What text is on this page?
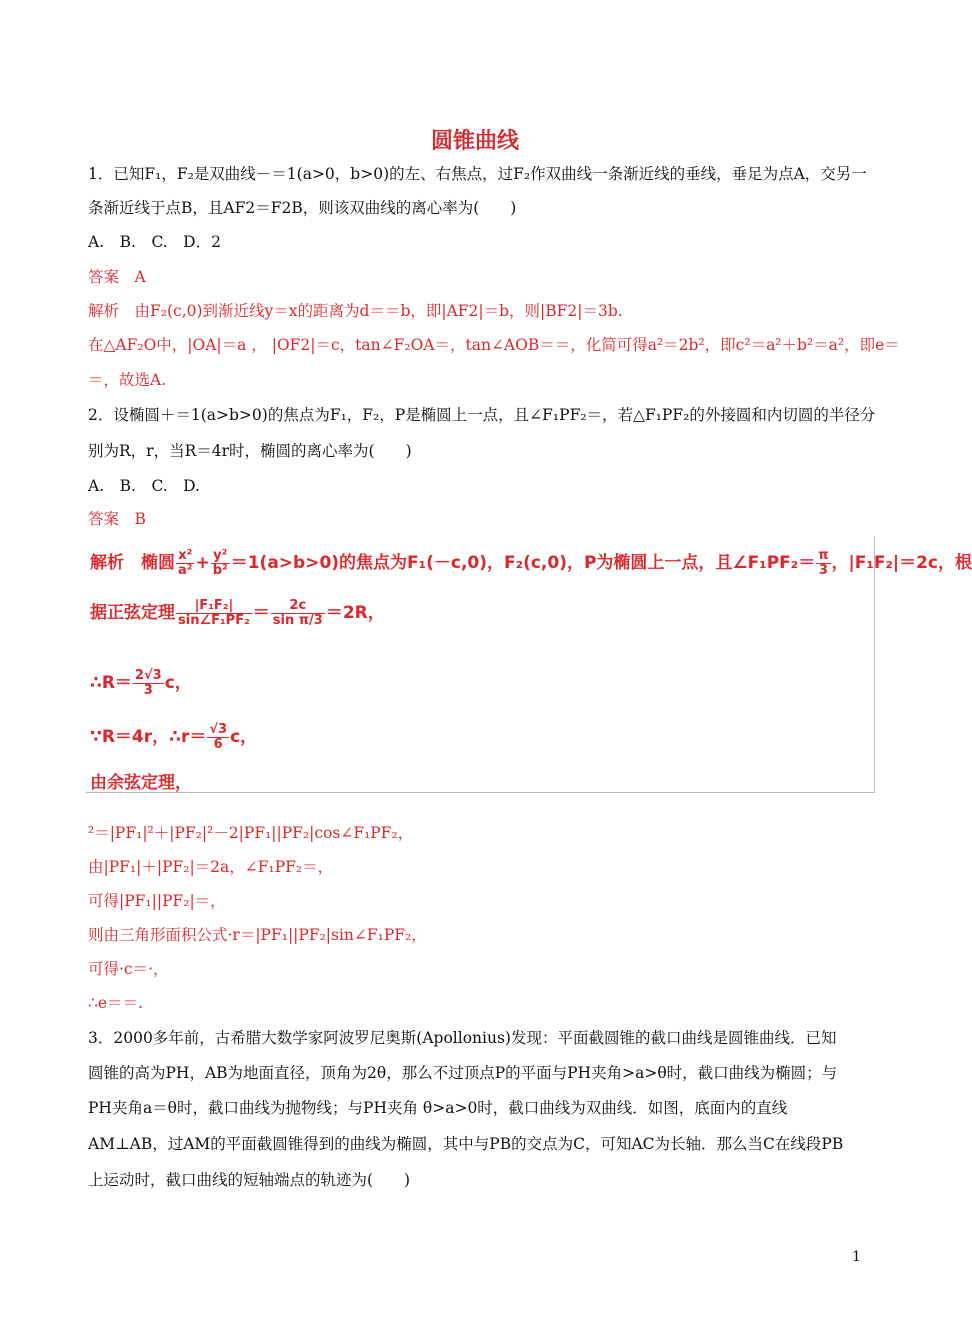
圆锥曲线
1．已知F₁，F₂是双曲线－＝1(a>0，b>0)的左、右焦点，过F₂作双曲线一条渐近线的垂线，垂足为点A，交另一
条渐近线于点B，且AF2＝F2B，则该双曲线的离心率为(　　)
A.　B.　C.　D．2
答案　A
解析　由F₂(c,0)到渐近线y＝x的距离为d＝＝b，即|AF2|＝b，则|BF2|＝3b.
在△AF₂O中，|OA|＝a ， |OF2|＝c，tan∠F₂OA＝，tan∠AOB＝＝，化简可得a²＝2b²，即c²＝a²＋b²＝a²，即e＝
＝，故选A.
2．设椭圆＋＝1(a>b>0)的焦点为F₁，F₂，P是椭圆上一点，且∠F₁PF₂＝，若△F₁PF₂的外接圆和内切圆的半径分
别为R，r，当R＝4r时，椭圆的离心率为(　　)
A.　B.　C.　D.
答案　B
解析　椭圆 $\frac{\text{x²}}{\text{a²}} + \frac{\text{y²}}{\text{b²}} =1(a>b>0)$的焦点为F₁(－c,0)，F₂(c,0)，P为椭圆上一点，且∠F₁PF₂＝ $\frac{\pi}{3}$ ，|F₁F₂|＝2c，根
据正弦定理 $\frac{\text{|F₁F₂|}}{\text{sin∠F₁PF₂}} = \frac{2c}{\text{sin π/3}} =2R$，
∴R＝ $\frac{2√3}{3}$ c，
∵R＝4r，∴r＝ $\frac{√3}{6}$ c，
由余弦定理，
²＝|PF₁|²＋|PF₂|²－2|PF₁||PF₂|cos∠F₁PF₂，
由|PF₁|＋|PF₂|＝2a，∠F₁PF₂＝，
可得|PF₁||PF₂|＝，
则由三角形面积公式·r＝|PF₁||PF₂|sin∠F₁PF₂，
可得·c＝·，
∴e＝＝.
3．2000多年前，古希腊大数学家阿波罗尼奥斯(Apollonius)发现：平面截圆锥的截口曲线是圆锥曲线．已知
圆锥的高为PH，AB为地面直径，顶角为2θ，那么不过顶点P的平面与PH夹角>a>θ时，截口曲线为椭圆；与
PH夹角a＝θ时，截口曲线为抛物线；与PH夹角 θ>a>0时，截口曲线为双曲线．如图，底面内的直线
AM⊥AB，过AM的平面截圆锥得到的曲线为椭圆，其中与PB的交点为C，可知AC为长轴．那么当C在线段PB
上运动时，截口曲线的短轴端点的轨迹为(　　)
1
